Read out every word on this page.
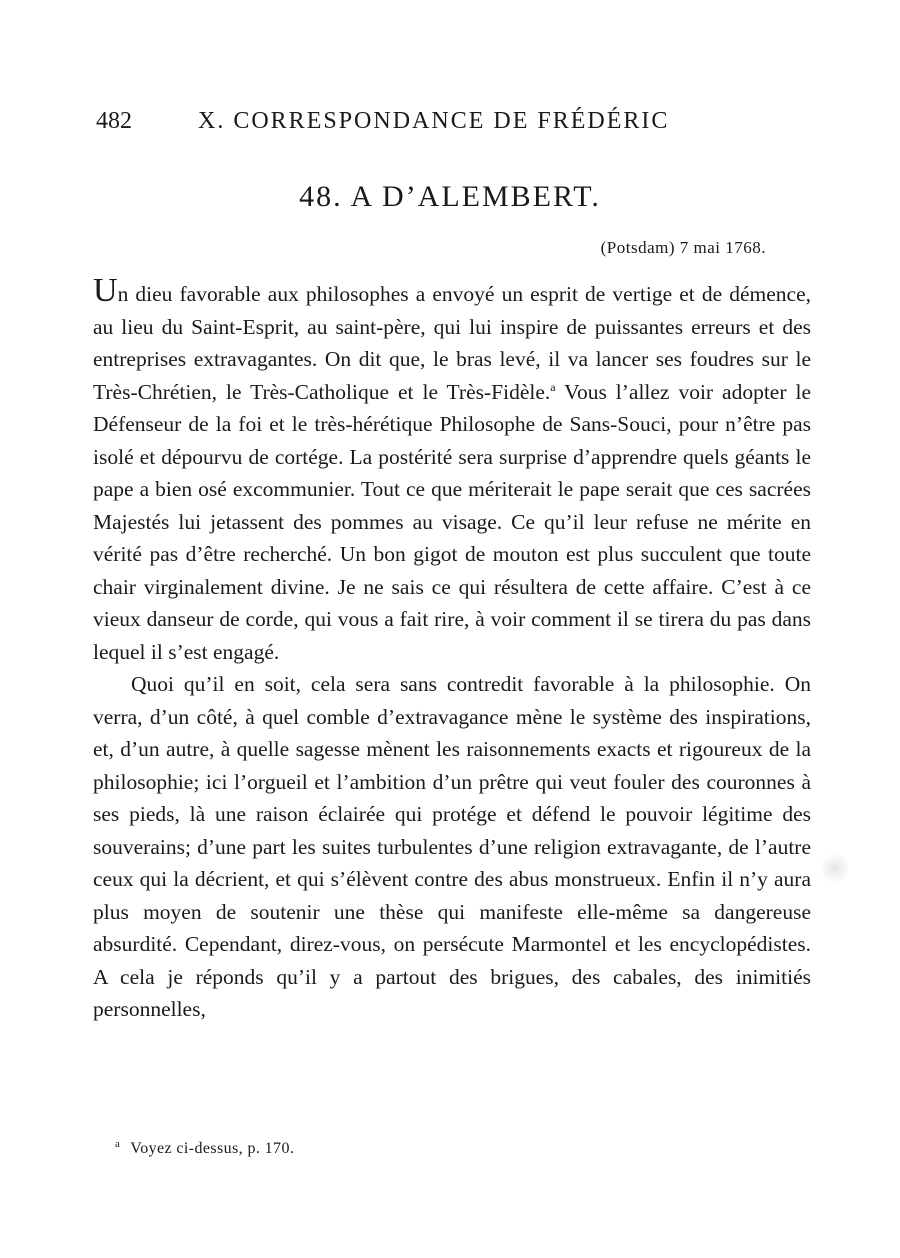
482	X. CORRESPONDANCE DE FRÉDÉRIC
48. A D’ALEMBERT.
(Potsdam) 7 mai 1768.

Un dieu favorable aux philosophes a envoyé un esprit de vertige et de démence, au lieu du Saint-Esprit, au saint-père, qui lui inspire de puissantes erreurs et des entreprises extravagantes. On dit que, le bras levé, il va lancer ses foudres sur le Très-Chrétien, le Très-Catholique et le Très-Fidèle.$^a$ Vous l’allez voir adopter le Défenseur de la foi et le très-hérétique Philosophe de Sans-Souci, pour n’être pas isolé et dépourvu de cortége. La postérité sera surprise d’apprendre quels géants le pape a bien osé excommunier. Tout ce que mériterait le pape serait que ces sacrées Majestés lui jetassent des pommes au visage. Ce qu’il leur refuse ne mérite en vérité pas d’être recherché. Un bon gigot de mouton est plus succulent que toute chair virginalement divine. Je ne sais ce qui résultera de cette affaire. C’est à ce vieux danseur de corde, qui vous a fait rire, à voir comment il se tirera du pas dans lequel il s’est engagé.

Quoi qu’il en soit, cela sera sans contredit favorable à la philosophie. On verra, d’un côté, à quel comble d’extravagance mène le système des inspirations, et, d’un autre, à quelle sagesse mènent les raisonnements exacts et rigoureux de la philosophie; ici l’orgueil et l’ambition d’un prêtre qui veut fouler des couronnes à ses pieds, là une raison éclairée qui protége et défend le pouvoir légitime des souverains; d’une part les suites turbulentes d’une religion extravagante, de l’autre ceux qui la décrient, et qui s’élèvent contre des abus monstrueux. Enfin il n’y aura plus moyen de soutenir une thèse qui manifeste elle-même sa dangereuse absurdité. Cependant, direz-vous, on persécute Marmontel et les encyclopédistes. A cela je réponds qu’il y a partout des brigues, des cabales, des inimitiés personnelles,

$^a$ Voyez ci-dessus, p. 170.
